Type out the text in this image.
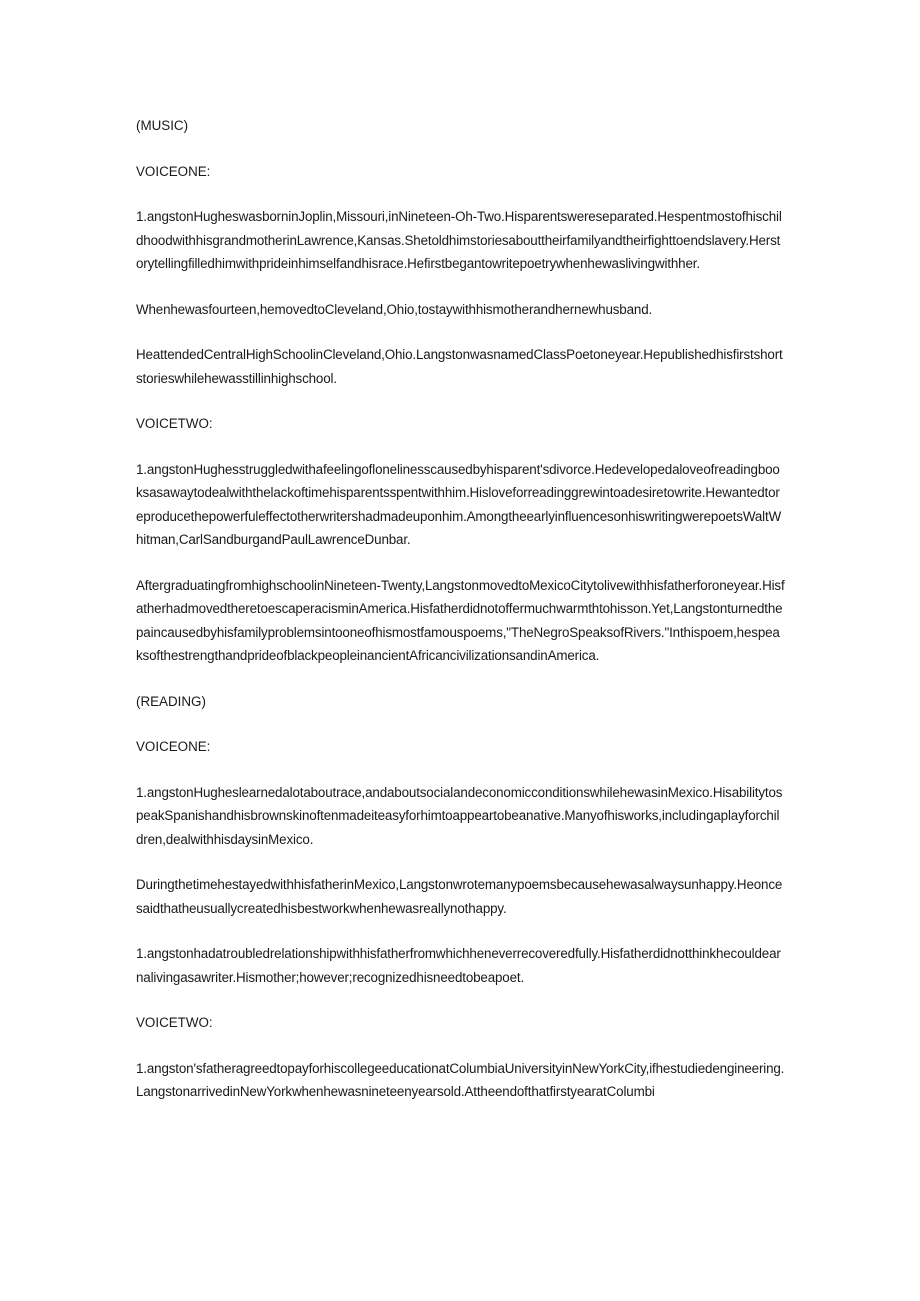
(MUSIC)

VOICEONE:

1.angstonHugheswasborninJoplin,Missouri,inNineteen-Oh-Two.Hisparentswereseparated.HespentmostofhischildhoodwithhisgrandmotherinLawrence,Kansas.Shetoldhimstoriesabouttheirfamilyandtheirfighttoendslavery.Herstorytellingfilledhimwithprideinhimselfandhisrace.Hefirstbegantowritepoetrywhenhewaslivingwithher.

Whenhewasfourteen,hemovedtoCleveland,Ohio,tostaywithhismotherandhernewhusband.

HeattendedCentralHighSchoolinCleveland,Ohio.LangstonwasnamedClassPoetoneyear.Hepublishedhisfirstshortstorieswhilehewasstillinhighschool.

VOICETWO:

1.angstonHughesstruggledwithafeelingoflonelinesscausedbyhisparent'sdivorce.Hedevelopedaloveofreadingbooksasawaytodealwiththelackoftimehisparentsspentwithhim.Hisloveforreadinggrewintoadesiretowrite.Hewantedtoreproducethepowerfuleffectotherwritershadmadeuponhim.AmongtheearlyinfluencesonhiswritingwerepoetsWaltWhitman,CarlSandburgandPaulLawrenceDunbar.

AftergraduatingfromhighschoolinNineteen-Twenty,LangstonmovedtoMexicoCitytolivewithhisfatherforoneyear.HisfatherhadmovedtheretoescaperacisminAmerica.Hisfatherdidnotoffermuchwarmthtohisson.Yet,Langstonturnedthepaincausedbyhisfamilyproblemsintooneofhismostfamouspoems,"TheNegroSpeaksofRivers."Inthispoem,hespeaksofthestrengthandprideofblackpeopleinancientAfricancivilizationsandinAmerica.

(READING)

VOICEONE:

1.angstonHugheslearnedalotaboutrace,andaboutsocialandeconomicconditionswhilehewasinMexico.HisabilitytospeakSpanishandhisbrownskinoftenmadeiteasyforhimtoappeartobeanative.Manyofhisworks,includingaplayforchildren,dealwithhisdaysinMexico.

DuringthetimehestayedwithhisfatherinMexico,Langstonwrotemanypoemsbecausehewasalwaysunhappy.Heoncesaidthatheusuallycreatedhisbestworkwhenhewasreallynothappy.

1.angstonhadatroubledrelationshipwithhisfatherfromwhichheneverrecoveredfully.Hisfatherdidnotthinkhecouldearnalivingasawriter.Hismother;however;recognizedhisneedtobeapoet.

VOICETWO:

1.angston'sfatheragreedtopayforhiscollegeeducationatColumbiaUniversityinNewYorkCity,ifhestudiedengineering.LangstonarrivedinNewYorkwhenhewasnineteenyearsold.AttheendofthatfirstyearatColumbi
